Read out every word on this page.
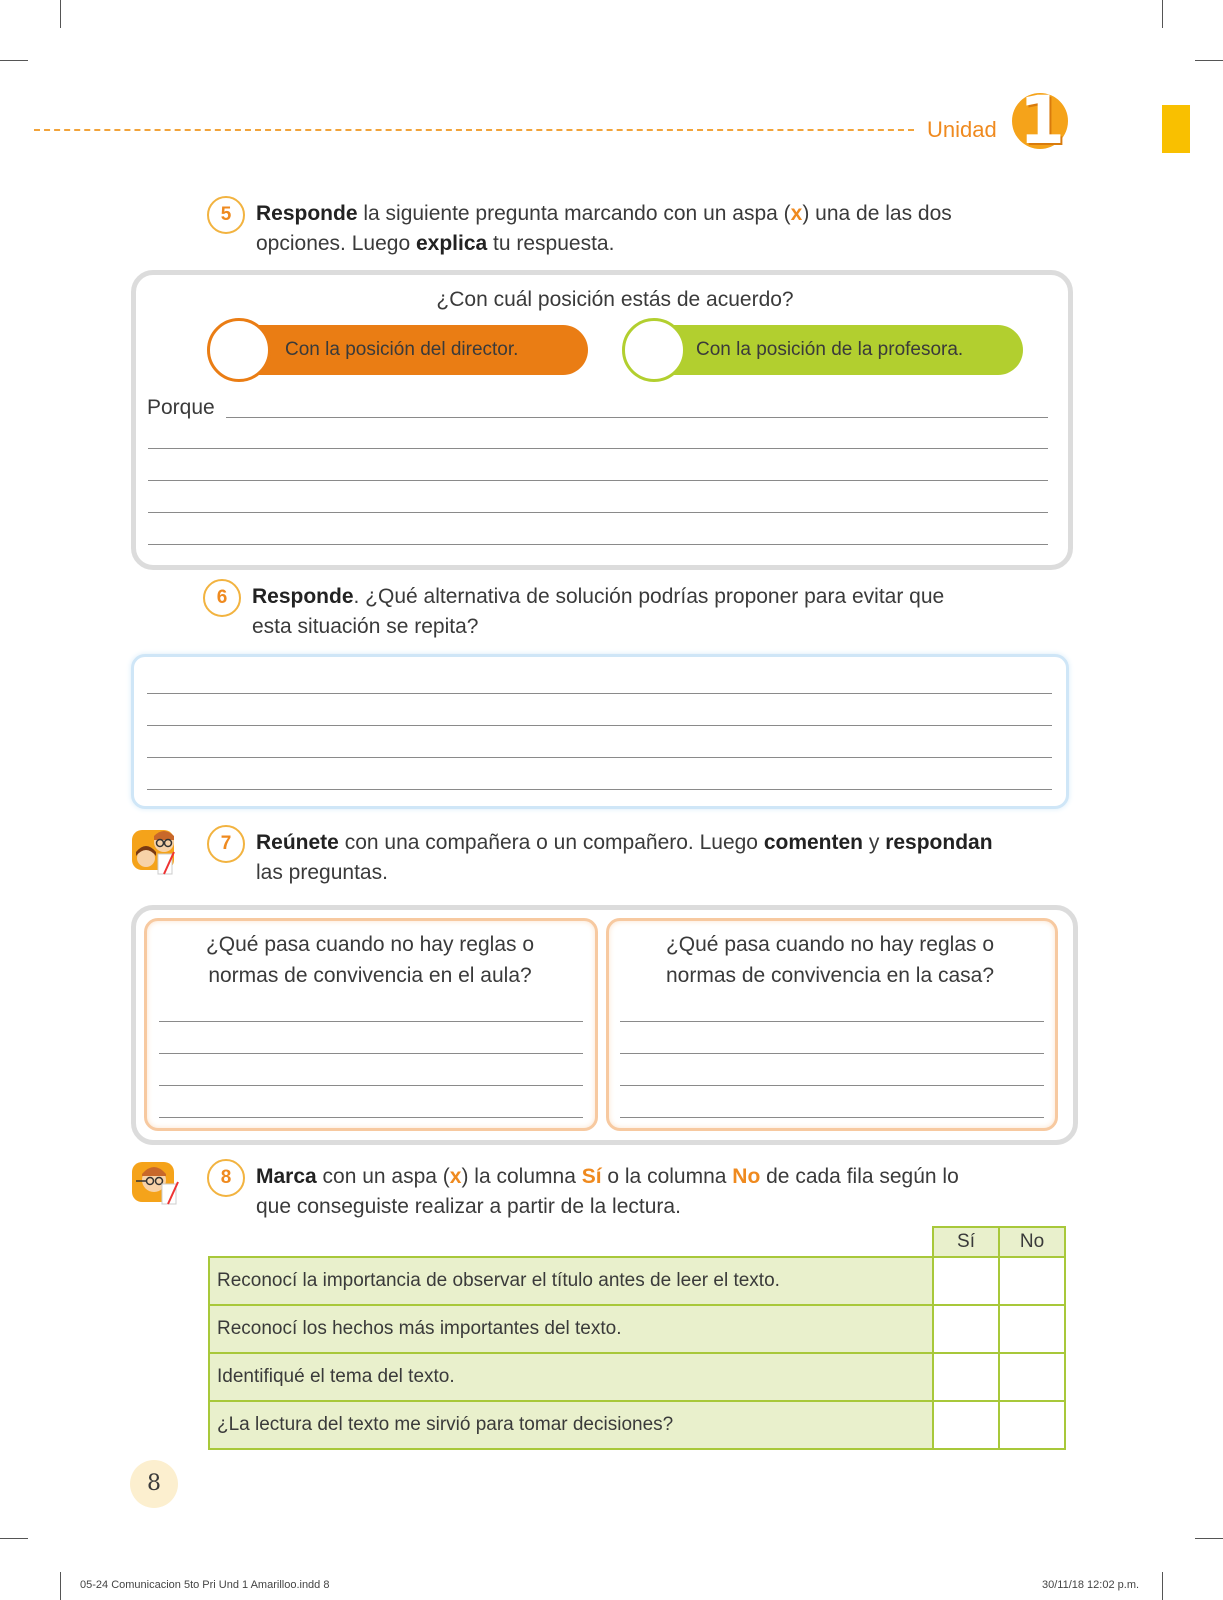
Unidad 1
5	Responde la siguiente pregunta marcando con un aspa (x) una de las dos
opciones. Luego explica tu respuesta.
¿Con cuál posición estás de acuerdo?
Con la posición del director.	Con la posición de la profesora.
Porque
6	Responde. ¿Qué alternativa de solución podrías proponer para evitar que
esta situación se repita?
7	Reúnete con una compañera o un compañero. Luego comenten y respondan
las preguntas.
¿Qué pasa cuando no hay reglas o
normas de convivencia en el aula?
¿Qué pasa cuando no hay reglas o
normas de convivencia en la casa?
8	Marca con un aspa (x) la columna Sí o la columna No de cada fila según lo
que conseguiste realizar a partir de la lectura.
	Sí	No
Reconocí la importancia de observar el título antes de leer el texto.		
Reconocí los hechos más importantes del texto.		
Identifiqué el tema del texto.		
¿La lectura del texto me sirvió para tomar decisiones?		
8
05-24 Comunicacion 5to Pri Und 1 Amarilloo.indd 8	30/11/18 12:02 p.m.
